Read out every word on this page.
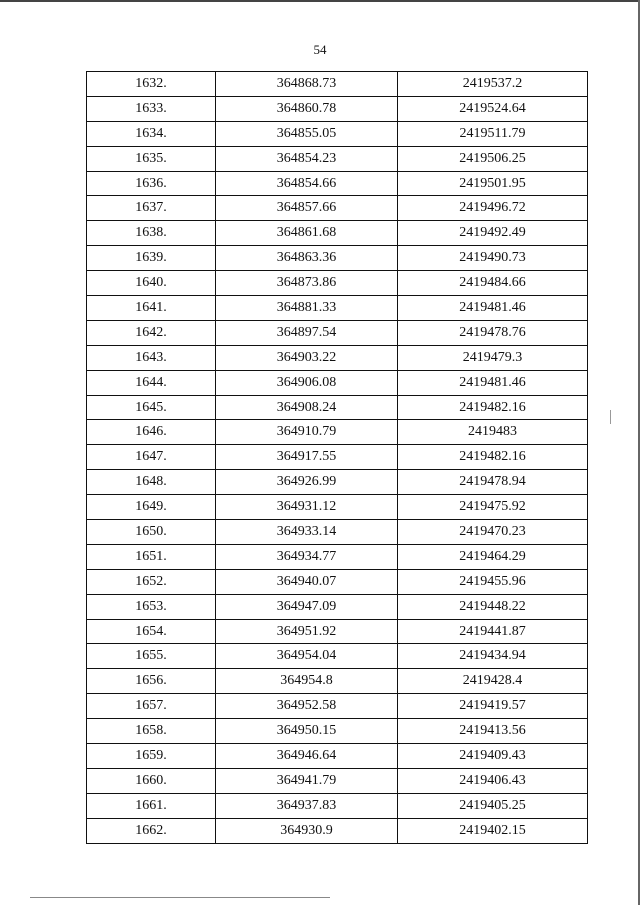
54
1632.	364868.73	2419537.2
1633.	364860.78	2419524.64
1634.	364855.05	2419511.79
1635.	364854.23	2419506.25
1636.	364854.66	2419501.95
1637.	364857.66	2419496.72
1638.	364861.68	2419492.49
1639.	364863.36	2419490.73
1640.	364873.86	2419484.66
1641.	364881.33	2419481.46
1642.	364897.54	2419478.76
1643.	364903.22	2419479.3
1644.	364906.08	2419481.46
1645.	364908.24	2419482.16
1646.	364910.79	2419483
1647.	364917.55	2419482.16
1648.	364926.99	2419478.94
1649.	364931.12	2419475.92
1650.	364933.14	2419470.23
1651.	364934.77	2419464.29
1652.	364940.07	2419455.96
1653.	364947.09	2419448.22
1654.	364951.92	2419441.87
1655.	364954.04	2419434.94
1656.	364954.8	2419428.4
1657.	364952.58	2419419.57
1658.	364950.15	2419413.56
1659.	364946.64	2419409.43
1660.	364941.79	2419406.43
1661.	364937.83	2419405.25
1662.	364930.9	2419402.15
